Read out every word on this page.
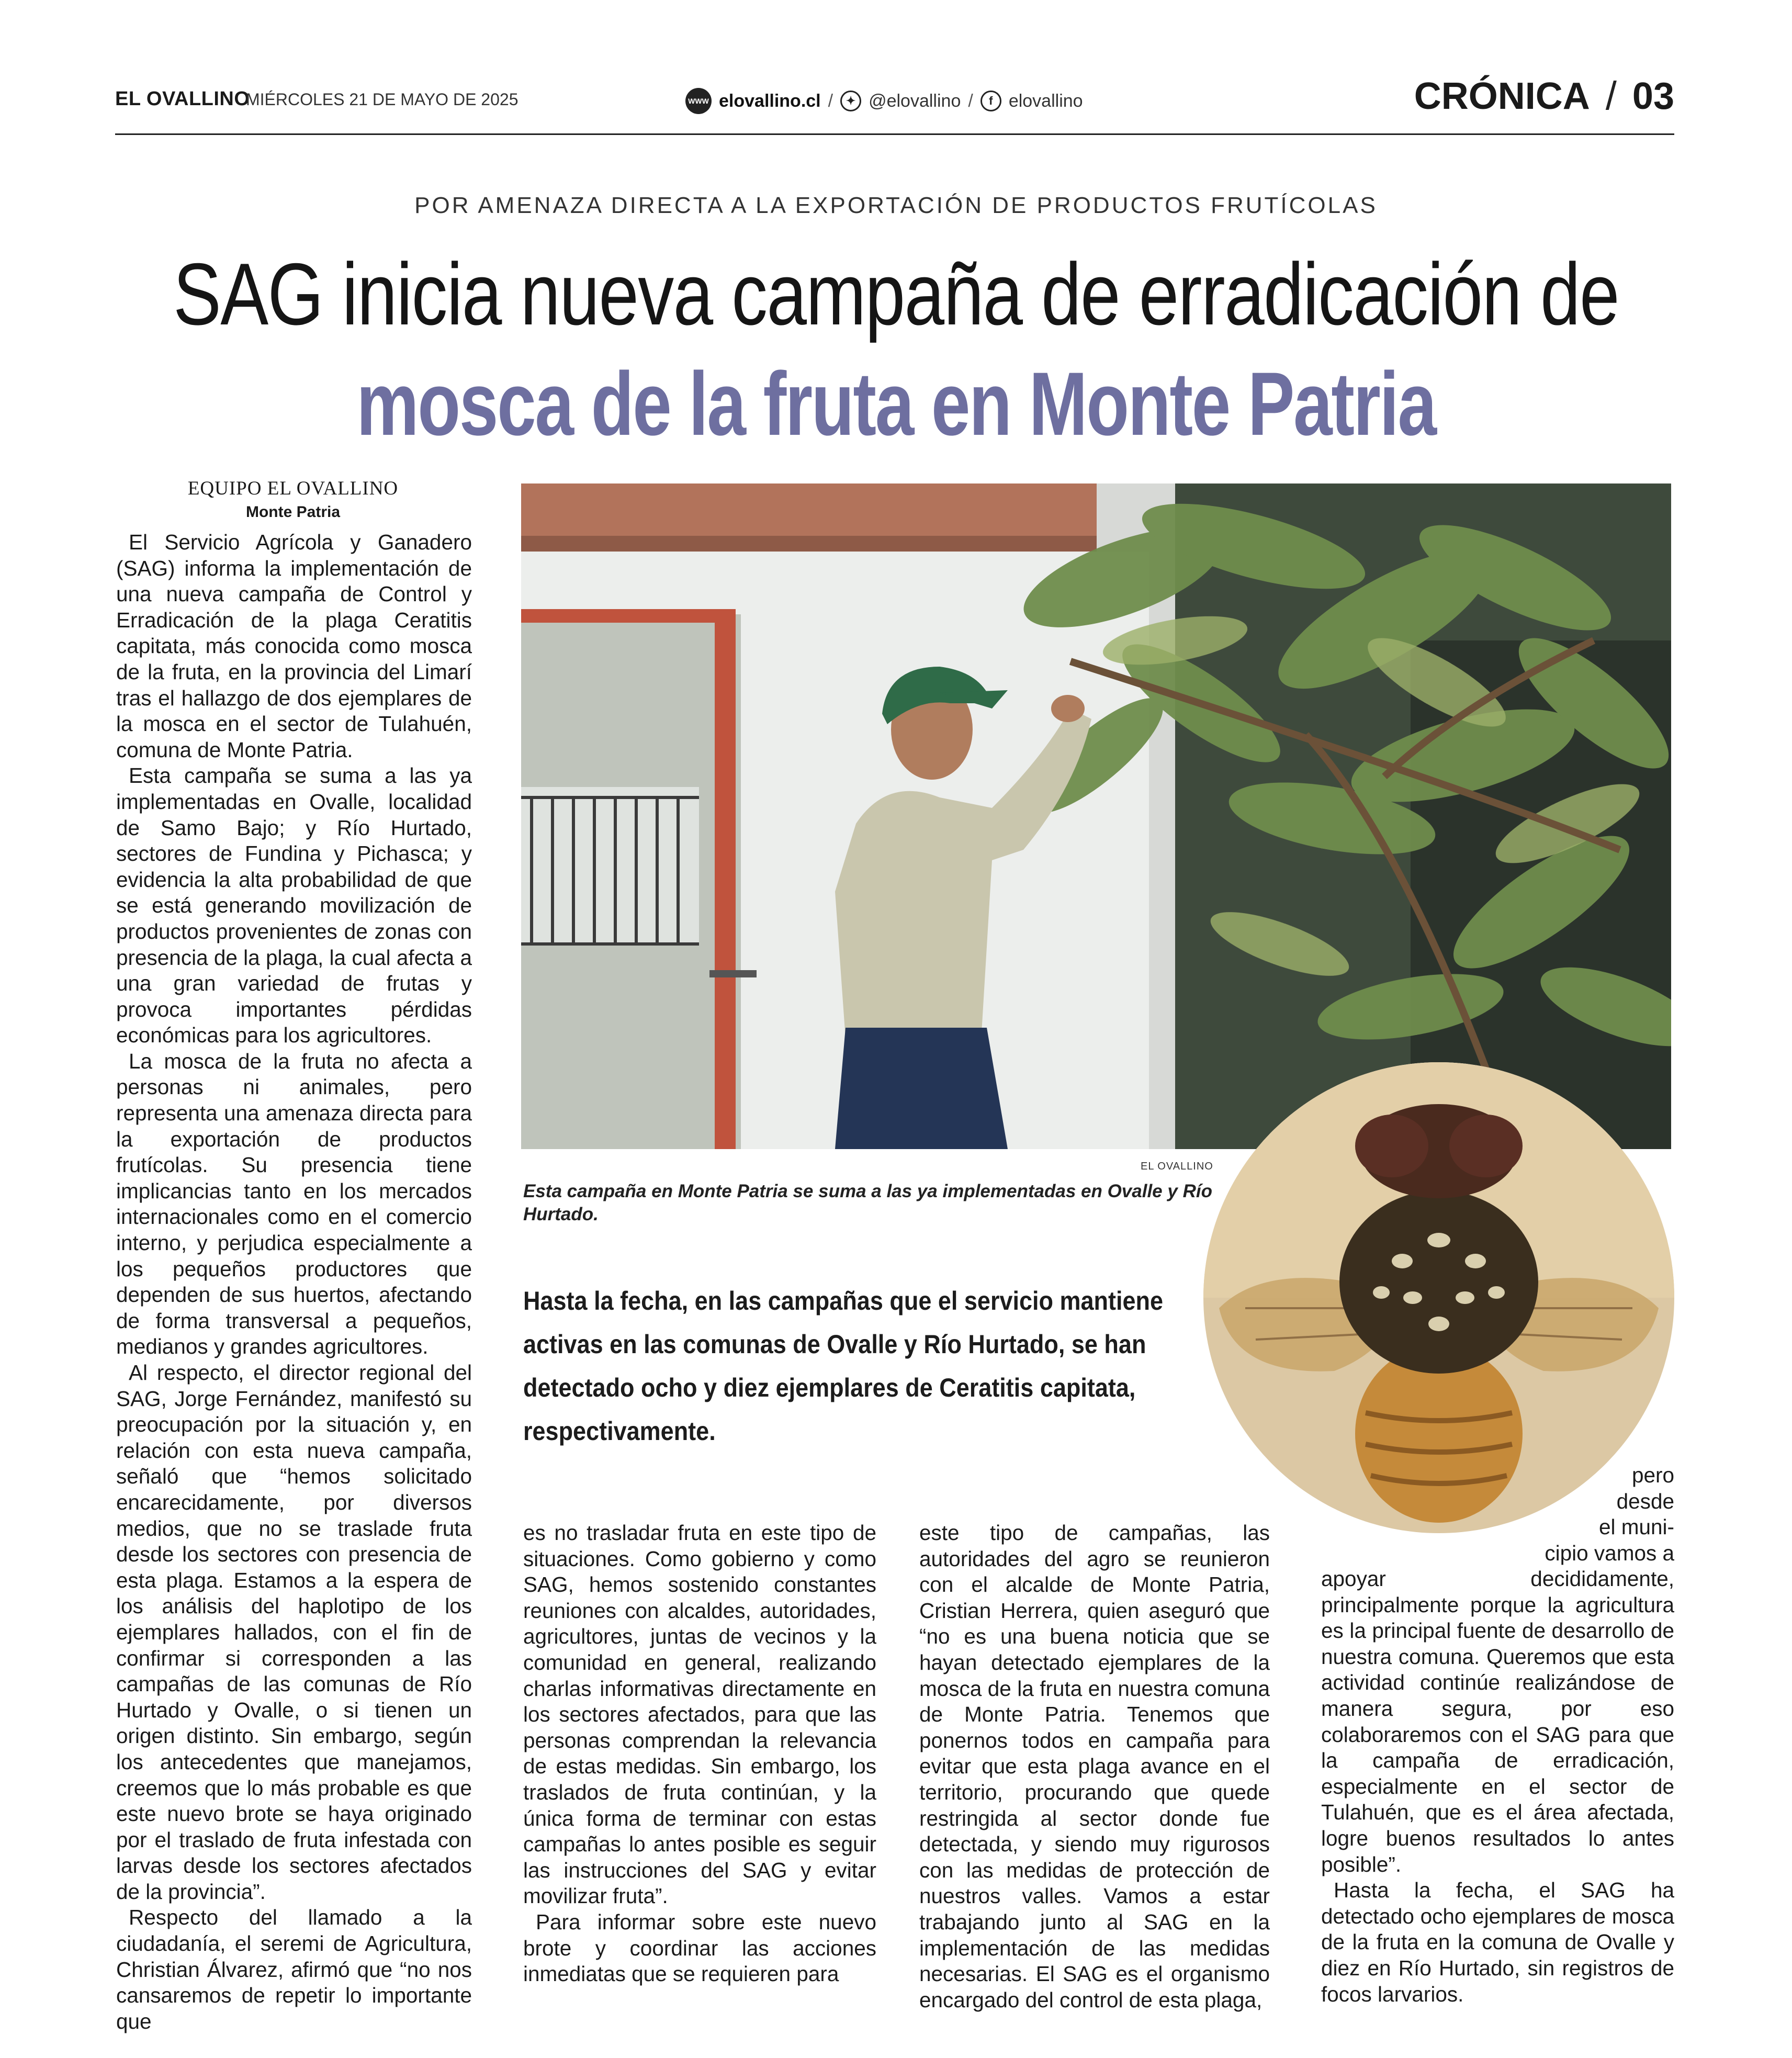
EL OVALLINO
MIÉRCOLES 21 DE MAYO DE 2025	WWW elovallino.cl /	✦ @elovallino /	f elovallino	CRÓNICA / 03
POR AMENAZA DIRECTA A LA EXPORTACIÓN DE PRODUCTOS FRUTÍCOLAS
SAG inicia nueva campaña de erradicación de
mosca de la fruta en Monte Patria
EQUIPO EL OVALLINO
Monte Patria

El Servicio Agrícola y Ganadero (SAG) informa la implementación de una nueva campaña de Control y Erradicación de la plaga Ceratitis capitata, más conocida como mosca de la fruta, en la provincia del Limarí tras el hallazgo de dos ejemplares de la mosca en el sector de Tulahuén, comuna de Monte Patria.

Esta campaña se suma a las ya implementadas en Ovalle, localidad de Samo Bajo; y Río Hurtado, sectores de Fundina y Pichasca; y evidencia la alta probabilidad de que se está generando movilización de productos provenientes de zonas con presencia de la plaga, la cual afecta a una gran variedad de frutas y provoca importantes pérdidas económicas para los agricultores.

La mosca de la fruta no afecta a personas ni animales, pero representa una amenaza directa para la exportación de productos frutícolas. Su presencia tiene implicancias tanto en los mercados internacionales como en el comercio interno, y perjudica especialmente a los pequeños productores que dependen de sus huertos, afectando de forma transversal a pequeños, medianos y grandes agricultores.

Al respecto, el director regional del SAG, Jorge Fernández, manifestó su preocupación por la situación y, en relación con esta nueva campaña, señaló que “hemos solicitado encarecidamente, por diversos medios, que no se traslade fruta desde los sectores con presencia de esta plaga. Estamos a la espera de los análisis del haplotipo de los ejemplares hallados, con el fin de confirmar si corresponden a las campañas de las comunas de Río Hurtado y Ovalle, o si tienen un origen distinto. Sin embargo, según los antecedentes que manejamos, creemos que lo más probable es que este nuevo brote se haya originado por el traslado de fruta infestada con larvas desde los sectores afectados de la provincia”.

Respecto del llamado a la ciudadanía, el seremi de Agricultura, Christian Álvarez, afirmó que “no nos cansaremos de repetir lo importante que

EL OVALLINO
Esta campaña en Monte Patria se suma a las ya implementadas en Ovalle y Río Hurtado.
Hasta la fecha, en las campañas que el servicio mantiene activas en las comunas de Ovalle y Río Hurtado, se han detectado ocho y diez ejemplares de Ceratitis capitata, respectivamente.

es no trasladar fruta en este tipo de situaciones. Como gobierno y como SAG, hemos sostenido constantes reuniones con alcaldes, autoridades, agricultores, juntas de vecinos y la comunidad en general, realizando charlas informativas directamente en los sectores afectados, para que las personas comprendan la relevancia de estas medidas. Sin embargo, los traslados de fruta continúan, y la única forma de terminar con estas campañas lo antes posible es seguir las instrucciones del SAG y evitar movilizar fruta”.

Para informar sobre este nuevo brote y coordinar las acciones inmediatas que se requieren para

este tipo de campañas, las autoridades del agro se reunieron con el alcalde de Monte Patria, Cristian Herrera, quien aseguró que “no es una buena noticia que se hayan detectado ejemplares de la mosca de la fruta en nuestra comuna de Monte Patria. Tenemos que ponernos todos en campaña para evitar que esta plaga avance en el territorio, procurando que quede restringida al sector donde fue detectada, y siendo muy rigurosos con las medidas de protección de nuestros valles. Vamos a estar trabajando junto al SAG en la implementación de las medidas necesarias. El SAG es el organismo encargado del control de esta plaga,

pero
desde
el muni-
cipio vamos a

apoyar decididamente, principalmente porque la agricultura es la principal fuente de desarrollo de nuestra comuna. Queremos que esta actividad continúe realizándose de manera segura, por eso colaboraremos con el SAG para que la campaña de erradicación, especialmente en el sector de Tulahuén, que es el área afectada, logre buenos resultados lo antes posible”.

Hasta la fecha, el SAG ha detectado ocho ejemplares de mosca de la fruta en la comuna de Ovalle y diez en Río Hurtado, sin registros de focos larvarios.
